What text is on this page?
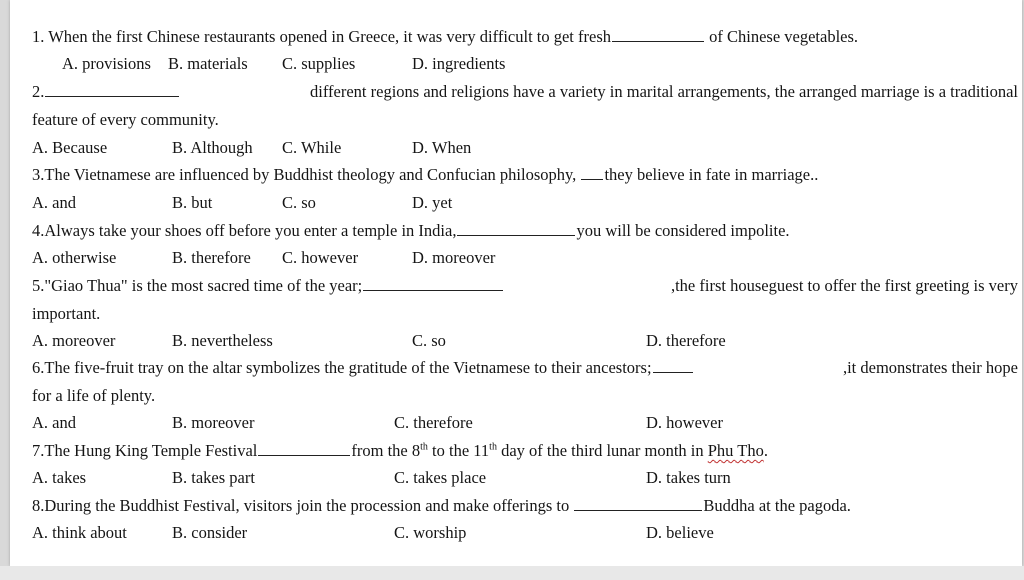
1. When the first Chinese restaurants opened in Greece, it was very difficult to get fresh	of Chinese vegetables.
A. provisions B. materials C. supplies	D. ingredients
2.	different regions and religions have a variety in marital arrangements, the arranged marriage is a traditional
feature of every community.
A. Because	B. Although C. While	D. When
3.The Vietnamese are influenced by Buddhist theology and Confucian philosophy, they believe in fate in marriage..
A. and	B. but	C. so	D. yet
4.Always take your shoes off before you enter a temple in India,	you will be considered impolite.
A. otherwise	B. therefore C. however	D. moreover
5."Giao Thua" is the most sacred time of the year;	,the first houseguest to offer the first greeting is very
important.
A. moreover	B. nevertheless	C. so	D. therefore
6.The five-fruit tray on the altar symbolizes the gratitude of the Vietnamese to their ancestors;	,it demonstrates their hope
for a life of plenty.
A. and	B. moreover	C. therefore	D. however
7.The Hung King Temple Festival	from the 8th to the 11th day of the third lunar month in Phu Tho.
A. takes	B. takes part	C. takes place	D. takes turn
8.During the Buddhist Festival, visitors join the procession and make offerings to	Buddha at the pagoda.
A. think about	B. consider	C. worship	D. believe
